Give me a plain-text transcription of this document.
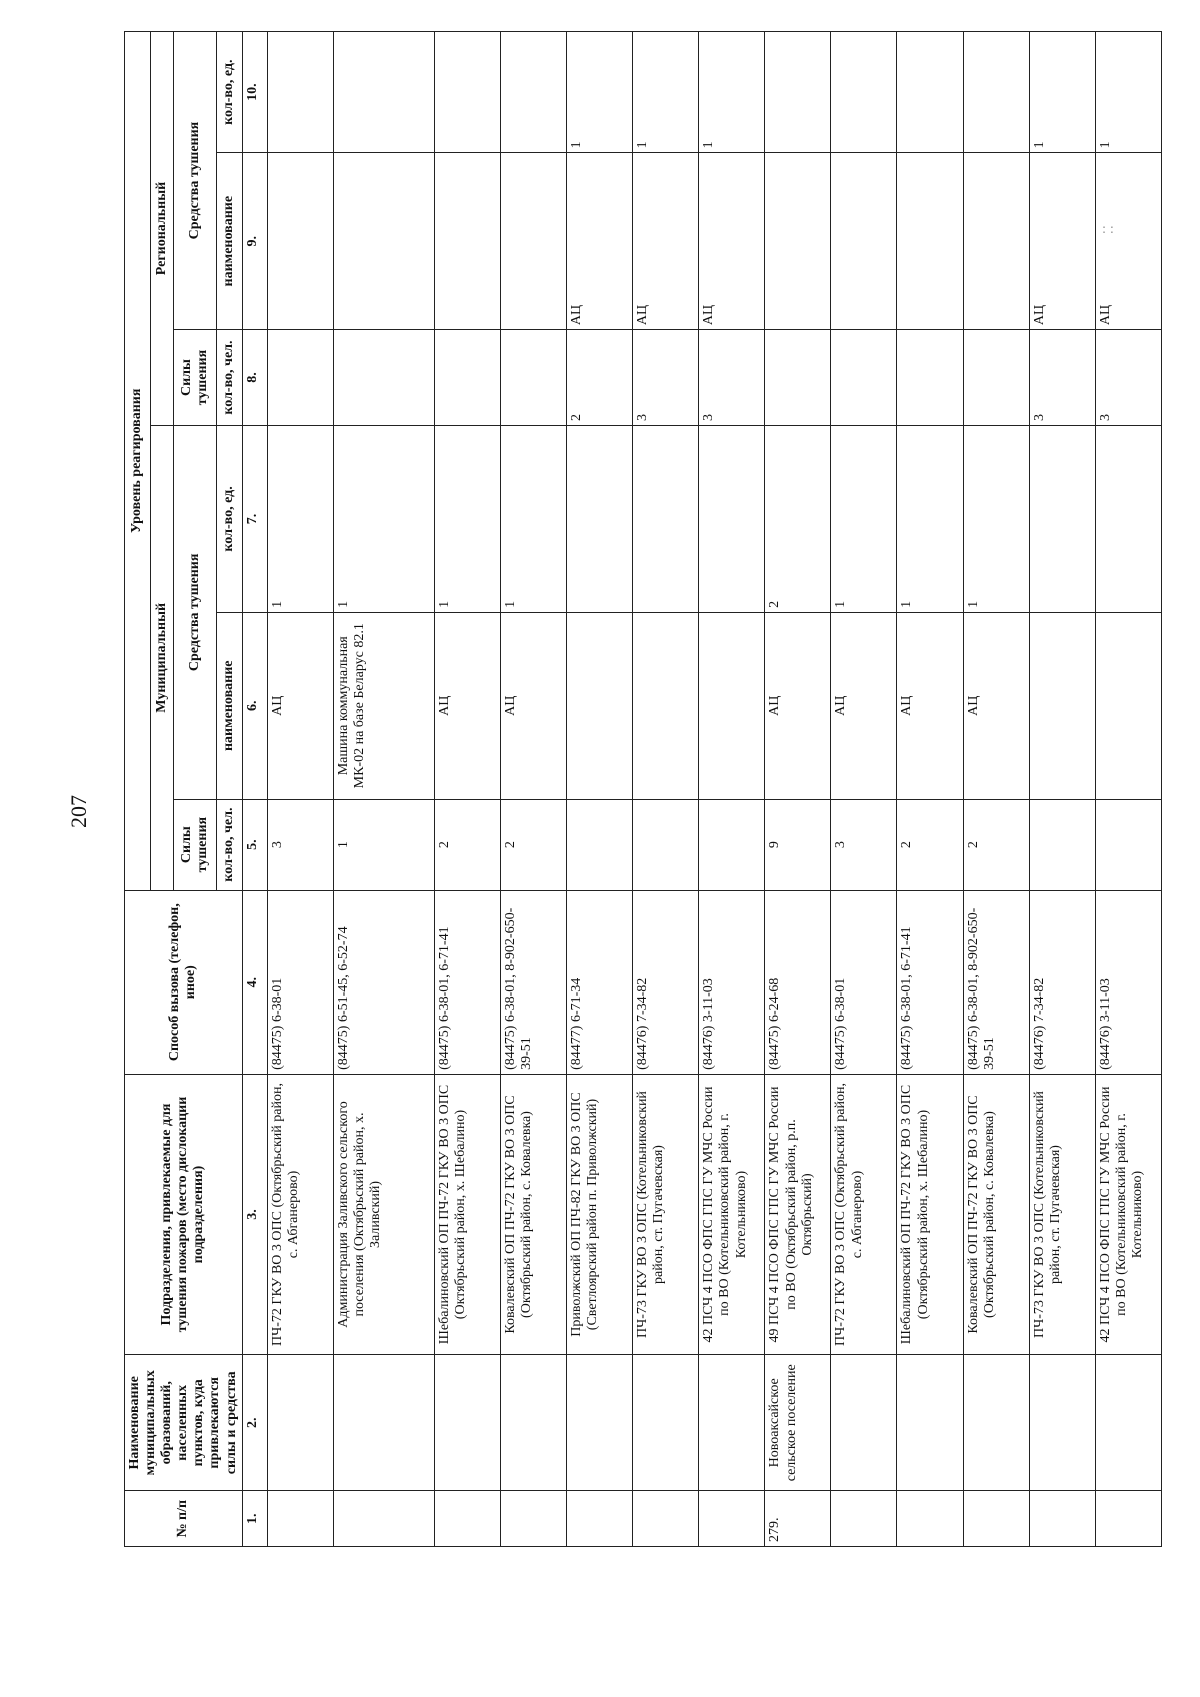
207
: :
№ п/п	Наименование муниципальных образований, населенных пунктов, куда привлекаются силы и средства	Подразделения, привлекаемые для тушения пожаров (место дислокации подразделения)	Способ вызова (телефон, иное)	Уровень реагирования					
				Муниципальный			Региональный		
				Силы тушения	Средства тушения		Силы тушения	Средства тушения	
				кол-во, чел.	наименование	кол-во, ед.	кол-во, чел.	наименование	кол-во, ед.
1.	2.	3.	4.	5.	6.	7.	8.	9.	10.
		ПЧ-72 ГКУ ВО 3 ОПС (Октябрьский район, с. Абганерово)	(84475) 6-38-01	3	АЦ	1			
		Администрация Заливского сельского поселения (Октябрьский район, х. Заливский)	(84475) 6-51-45, 6-52-74	1	Машина коммунальная МК-02 на базе Беларус 82.1	1			
		Шебалиновский ОП ПЧ-72 ГКУ ВО 3 ОПС (Октябрьский район, х. Шебалино)	(84475) 6-38-01, 6-71-41	2	АЦ	1			
		Ковалевский ОП ПЧ-72 ГКУ ВО 3 ОПС (Октябрьский район, с. Ковалевка)	(84475) 6-38-01, 8-902-650-39-51	2	АЦ	1			
		Приволжский ОП ПЧ-82 ГКУ ВО 3 ОПС (Светлоярский район п. Приволжский)	(84477) 6-71-34				2	АЦ	1
		ПЧ-73 ГКУ ВО 3 ОПС (Котельниковский район, ст. Пугачевская)	(84476) 7-34-82				3	АЦ	1
		42 ПСЧ 4 ПСО ФПС ГПС ГУ МЧС России по ВО (Котельниковский район, г. Котельниково)	(84476) 3-11-03				3	АЦ	1
279.	Новоаксайское сельское поселение	49 ПСЧ 4 ПСО ФПС ГПС ГУ МЧС России по ВО (Октябрьский район, р.п. Октябрьский)	(84475) 6-24-68	9	АЦ	2			
		ПЧ-72 ГКУ ВО 3 ОПС (Октябрьский район, с. Абганерово)	(84475) 6-38-01	3	АЦ	1			
		Шебалиновский ОП ПЧ-72 ГКУ ВО 3 ОПС (Октябрьский район, х. Шебалино)	(84475) 6-38-01, 6-71-41	2	АЦ	1			
		Ковалевский ОП ПЧ-72 ГКУ ВО 3 ОПС (Октябрьский район, с. Ковалевка)	(84475) 6-38-01, 8-902-650-39-51	2	АЦ	1			
		ПЧ-73 ГКУ ВО 3 ОПС (Котельниковский район, ст. Пугачевская)	(84476) 7-34-82				3	АЦ	1
		42 ПСЧ 4 ПСО ФПС ГПС ГУ МЧС России по ВО (Котельниковский район, г. Котельниково)	(84476) 3-11-03				3	АЦ	1
